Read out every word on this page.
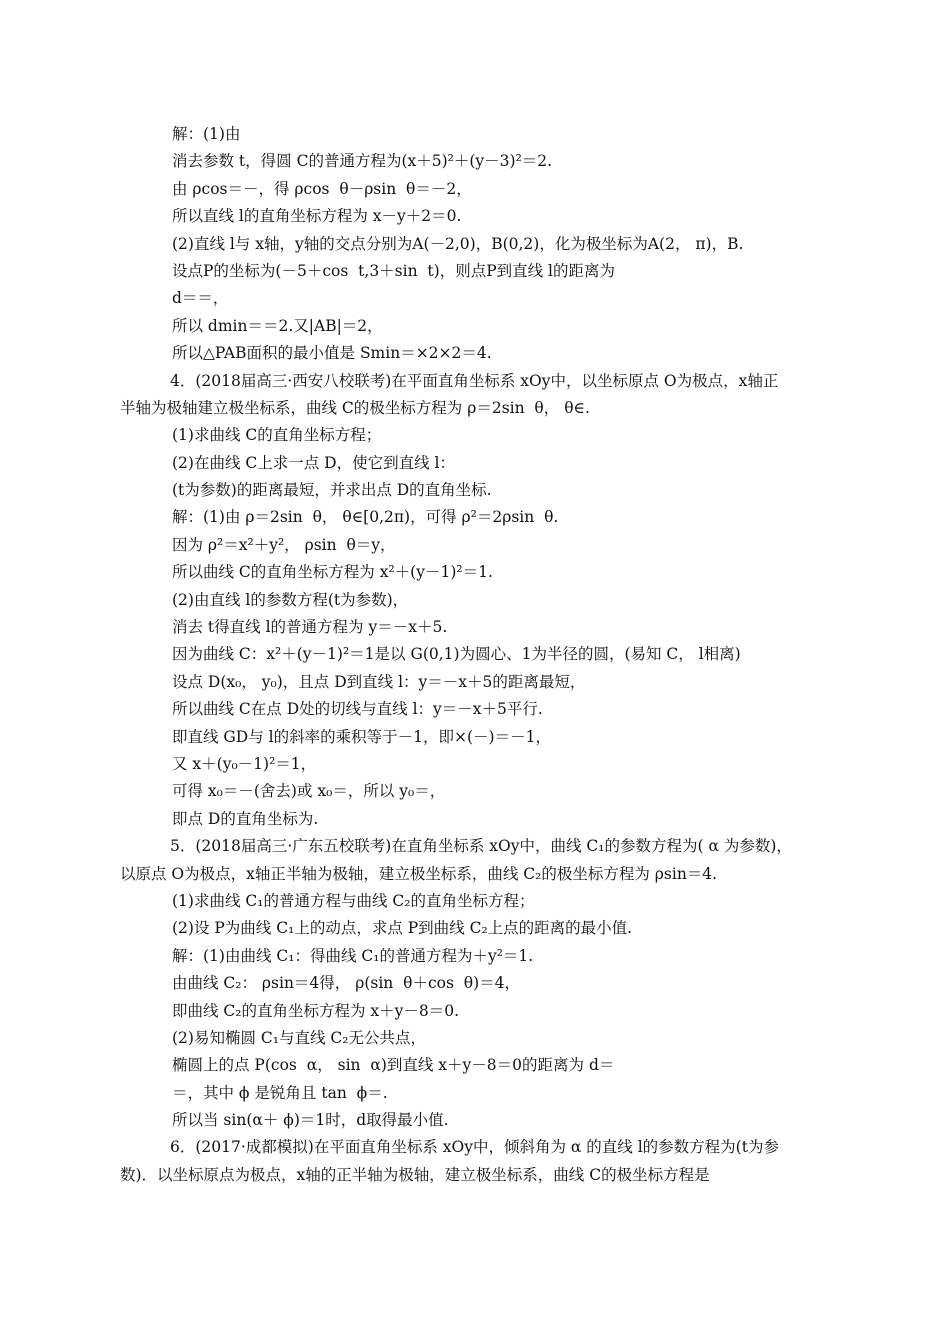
解：(1)由
消去参数 t，得圆 C的普通方程为(x＋5)²＋(y－3)²＝2.
由 ρcos＝－，得 ρcos  θ－ρsin  θ＝－2，
所以直线 l的直角坐标方程为 x－y＋2＝0.
(2)直线 l与 x轴，y轴的交点分别为A(－2,0)，B(0,2)，化为极坐标为A(2， π)，B.
设点P的坐标为(－5＋cos  t,3＋sin  t)，则点P到直线 l的距离为
d＝＝，
所以 dmin＝＝2.又|AB|＝2，
所以△PAB面积的最小值是 Smin＝×2×2＝4.
4．(2018届高三·西安八校联考)在平面直角坐标系 xOy中，以坐标原点 O为极点，x轴正
半轴为极轴建立极坐标系，曲线 C的极坐标方程为 ρ＝2sin  θ， θ∈.
(1)求曲线 C的直角坐标方程；
(2)在曲线 C上求一点 D，使它到直线 l：
(t为参数)的距离最短，并求出点 D的直角坐标.
解：(1)由 ρ＝2sin  θ， θ∈[0,2π)，可得 ρ²＝2ρsin  θ.
因为 ρ²＝x²＋y²， ρsin  θ＝y，
所以曲线 C的直角坐标方程为 x²＋(y－1)²＝1.
(2)由直线 l的参数方程(t为参数)，
消去 t得直线 l的普通方程为 y＝－x＋5.
因为曲线 C：x²＋(y－1)²＝1是以 G(0,1)为圆心、1为半径的圆，(易知 C， l相离)
设点 D(x₀， y₀)，且点 D到直线 l：y＝－x＋5的距离最短，
所以曲线 C在点 D处的切线与直线 l：y＝－x＋5平行.
即直线 GD与 l的斜率的乘积等于－1，即×(－)＝－1，
又 x＋(y₀－1)²＝1，
可得 x₀＝－(舍去)或 x₀＝，所以 y₀＝，
即点 D的直角坐标为.
5．(2018届高三·广东五校联考)在直角坐标系 xOy中，曲线 C₁的参数方程为( α 为参数)，
以原点 O为极点，x轴正半轴为极轴，建立极坐标系，曲线 C₂的极坐标方程为 ρsin＝4.
(1)求曲线 C₁的普通方程与曲线 C₂的直角坐标方程；
(2)设 P为曲线 C₁上的动点，求点 P到曲线 C₂上点的距离的最小值.
解：(1)由曲线 C₁：得曲线 C₁的普通方程为＋y²＝1.
由曲线 C₂： ρsin＝4得， ρ(sin  θ＋cos  θ)＝4，
即曲线 C₂的直角坐标方程为 x＋y－8＝0.
(2)易知椭圆 C₁与直线 C₂无公共点，
椭圆上的点 P(cos  α， sin  α)到直线 x＋y－8＝0的距离为 d＝
＝，其中 ϕ 是锐角且 tan  ϕ＝.
所以当 sin(α＋ ϕ)＝1时，d取得最小值.
6．(2017·成都模拟)在平面直角坐标系 xOy中，倾斜角为 α 的直线 l的参数方程为(t为参
数)．以坐标原点为极点，x轴的正半轴为极轴，建立极坐标系，曲线 C的极坐标方程是
